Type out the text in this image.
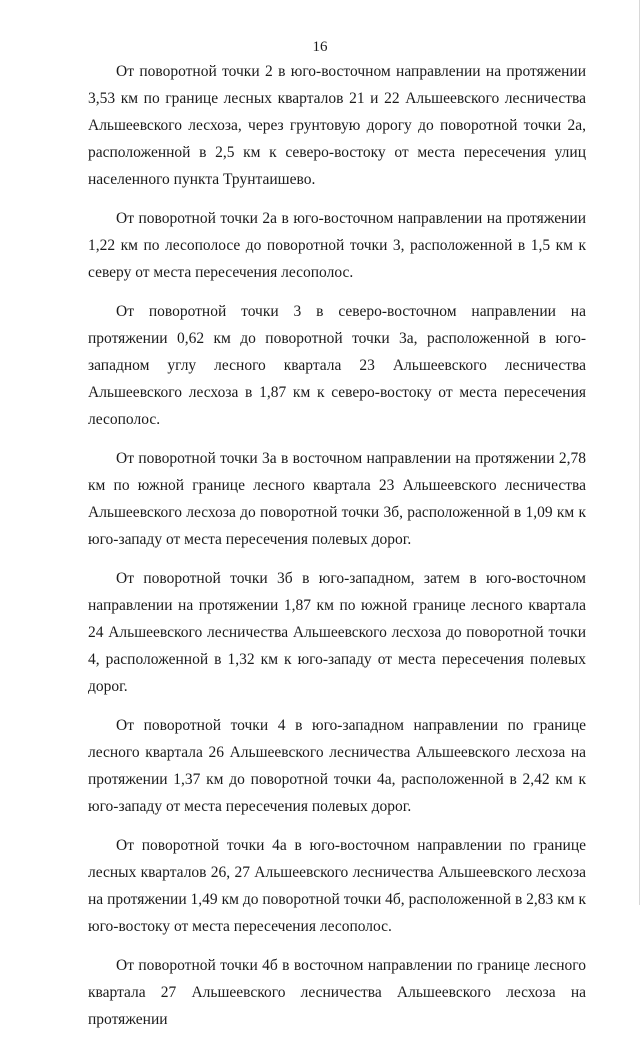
16

От поворотной точки 2 в юго-восточном направлении на протяжении 3,53 км по границе лесных кварталов 21 и 22 Альшеевского лесничества Альшеевского лесхоза, через грунтовую дорогу до поворотной точки 2а, расположенной в 2,5 км к северо-востоку от места пересечения улиц населенного пункта Трунтаишево.

От поворотной точки 2а в юго-восточном направлении на протяжении 1,22 км по лесополосе до поворотной точки 3, расположенной в 1,5 км к северу от места пересечения лесополос.

От поворотной точки 3 в северо-восточном направлении на протяжении 0,62 км до поворотной точки 3а, расположенной в юго-западном углу лесного квартала 23 Альшеевского лесничества Альшеевского лесхоза в 1,87 км к северо-востоку от места пересечения лесополос.

От поворотной точки 3а в восточном направлении на протяжении 2,78 км по южной границе лесного квартала 23 Альшеевского лесничества Альшеевского лесхоза до поворотной точки 3б, расположенной в 1,09 км к юго-западу от места пересечения полевых дорог.

От поворотной точки 3б в юго-западном, затем в юго-восточном направлении на протяжении 1,87 км по южной границе лесного квартала 24 Альшеевского лесничества Альшеевского лесхоза до поворотной точки 4, расположенной в 1,32 км к юго-западу от места пересечения полевых дорог.

От поворотной точки 4 в юго-западном направлении по границе лесного квартала 26 Альшеевского лесничества Альшеевского лесхоза на протяжении 1,37 км до поворотной точки 4а, расположенной в 2,42 км к юго-западу от места пересечения полевых дорог.

От поворотной точки 4а в юго-восточном направлении по границе лесных кварталов 26, 27 Альшеевского лесничества Альшеевского лесхоза на протяжении 1,49 км до поворотной точки 4б, расположенной в 2,83 км к юго-востоку от места пересечения лесополос.

От поворотной точки 4б в восточном направлении по границе лесного квартала 27 Альшеевского лесничества Альшеевского лесхоза на протяжении
